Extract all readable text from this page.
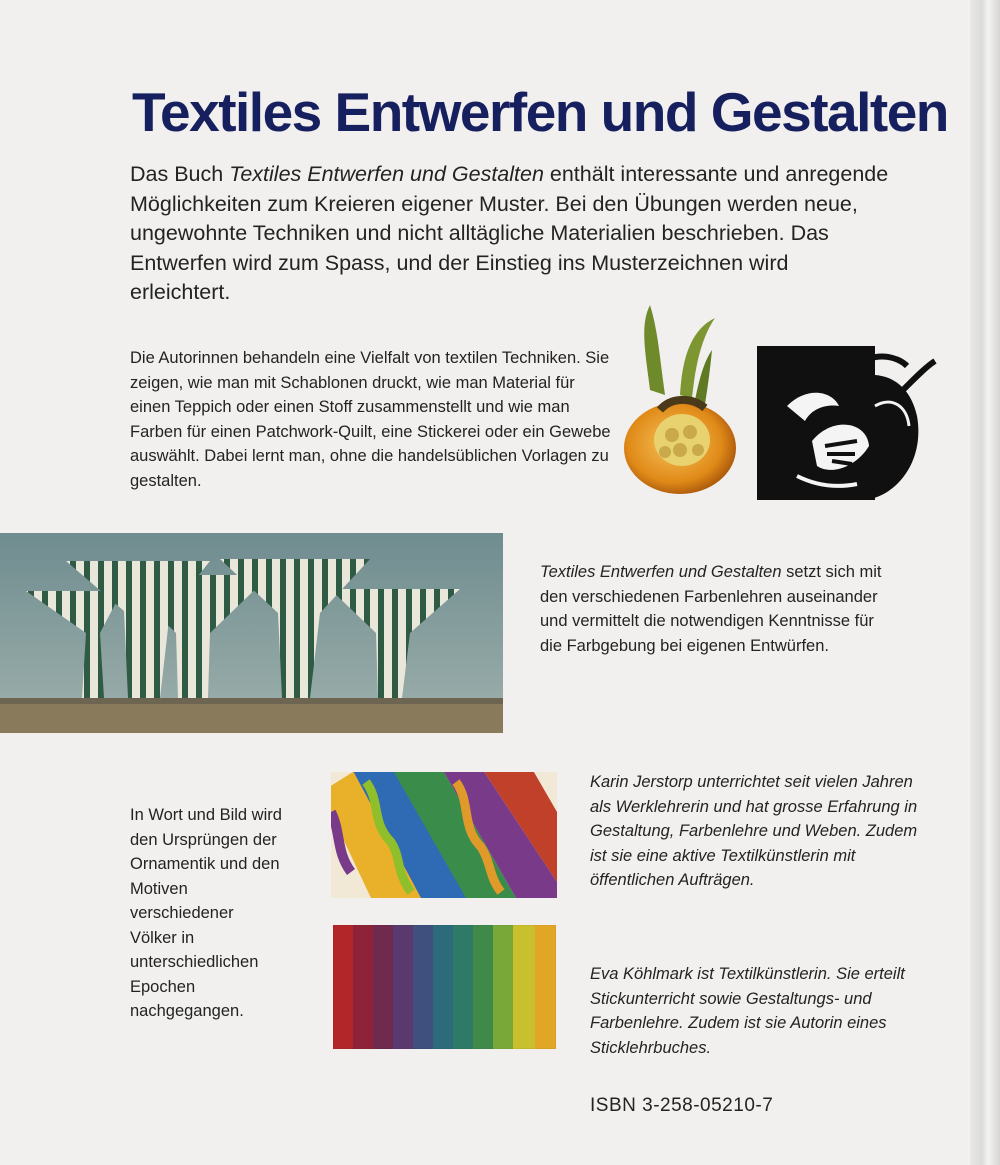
Textiles Entwerfen und Gestalten

Das Buch Textiles Entwerfen und Gestalten enthält interessante und anregende Möglichkeiten zum Kreieren eigener Muster. Bei den Übungen werden neue, ungewohnte Techniken und nicht alltägliche Materialien beschrieben. Das Entwerfen wird zum Spass, und der Einstieg ins Musterzeichnen wird erleichtert.

Die Autorinnen behandeln eine Vielfalt von textilen Techniken. Sie zeigen, wie man mit Schablonen druckt, wie man Material für einen Teppich oder einen Stoff zusammenstellt und wie man Farben für einen Patchwork-Quilt, eine Stickerei oder ein Gewebe auswählt. Dabei lernt man, ohne die handelsüblichen Vorlagen zu gestalten.

Textiles Entwerfen und Gestalten setzt sich mit den verschiedenen Farbenlehren auseinander und vermittelt die notwendigen Kenntnisse für die Farbgebung bei eigenen Entwürfen.

In Wort und Bild wird den Ursprüngen der Ornamentik und den Motiven verschiedener Völker in unterschiedlichen Epochen nachgegangen.

Karin Jerstorp unterrichtet seit vielen Jahren als Werklehrerin und hat grosse Erfahrung in Gestaltung, Farbenlehre und Weben. Zudem ist sie eine aktive Textilkünstlerin mit öffentlichen Aufträgen.

Eva Köhlmark ist Textilkünstlerin. Sie erteilt Stickunterricht sowie Gestaltungs- und Farbenlehre. Zudem ist sie Autorin eines Sticklehrbuches.

ISBN 3-258-05210-7
